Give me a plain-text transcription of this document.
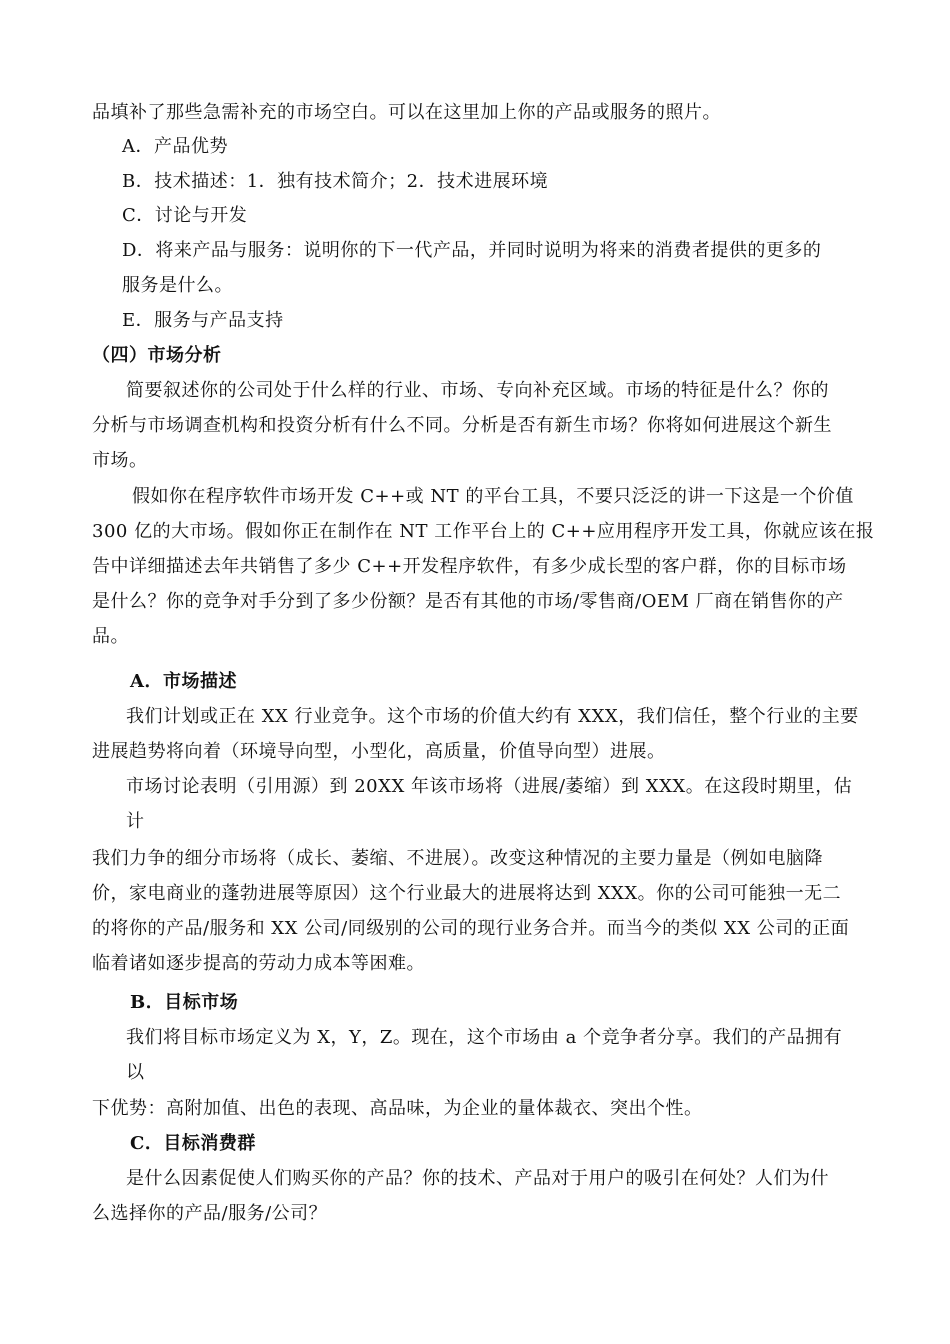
品填补了那些急需补充的市场空白。可以在这里加上你的产品或服务的照片。
A．产品优势
B．技术描述：1．独有技术简介；2．技术进展环境
C．讨论与开发
D．将来产品与服务：说明你的下一代产品，并同时说明为将来的消费者提供的更多的
服务是什么。
E．服务与产品支持
（四）市场分析
简要叙述你的公司处于什么样的行业、市场、专向补充区域。市场的特征是什么？你的
分析与市场调查机构和投资分析有什么不同。分析是否有新生市场？你将如何进展这个新生
市场。
假如你在程序软件市场开发 C++或 NT 的平台工具，不要只泛泛的讲一下这是一个价值
300 亿的大市场。假如你正在制作在 NT 工作平台上的 C++应用程序开发工具，你就应该在报
告中详细描述去年共销售了多少 C++开发程序软件，有多少成长型的客户群，你的目标市场
是什么？你的竞争对手分到了多少份额？是否有其他的市场/零售商/OEM 厂商在销售你的产
品。
A．市场描述
我们计划或正在 XX 行业竞争。这个市场的价值大约有 XXX，我们信任，整个行业的主要
进展趋势将向着（环境导向型，小型化，高质量，价值导向型）进展。
市场讨论表明（引用源）到 20XX 年该市场将（进展/萎缩）到 XXX。在这段时期里，估
计
我们力争的细分市场将（成长、萎缩、不进展）。改变这种情况的主要力量是（例如电脑降
价，家电商业的蓬勃进展等原因）这个行业最大的进展将达到 XXX。你的公司可能独一无二
的将你的产品/服务和 XX 公司/同级别的公司的现行业务合并。而当今的类似 XX 公司的正面
临着诸如逐步提高的劳动力成本等困难。
B．目标市场
我们将目标市场定义为 X，Y，Z。现在，这个市场由 a 个竞争者分享。我们的产品拥有
以
下优势：高附加值、出色的表现、高品味，为企业的量体裁衣、突出个性。
C．目标消费群
是什么因素促使人们购买你的产品？你的技术、产品对于用户的吸引在何处？人们为什
么选择你的产品/服务/公司？
